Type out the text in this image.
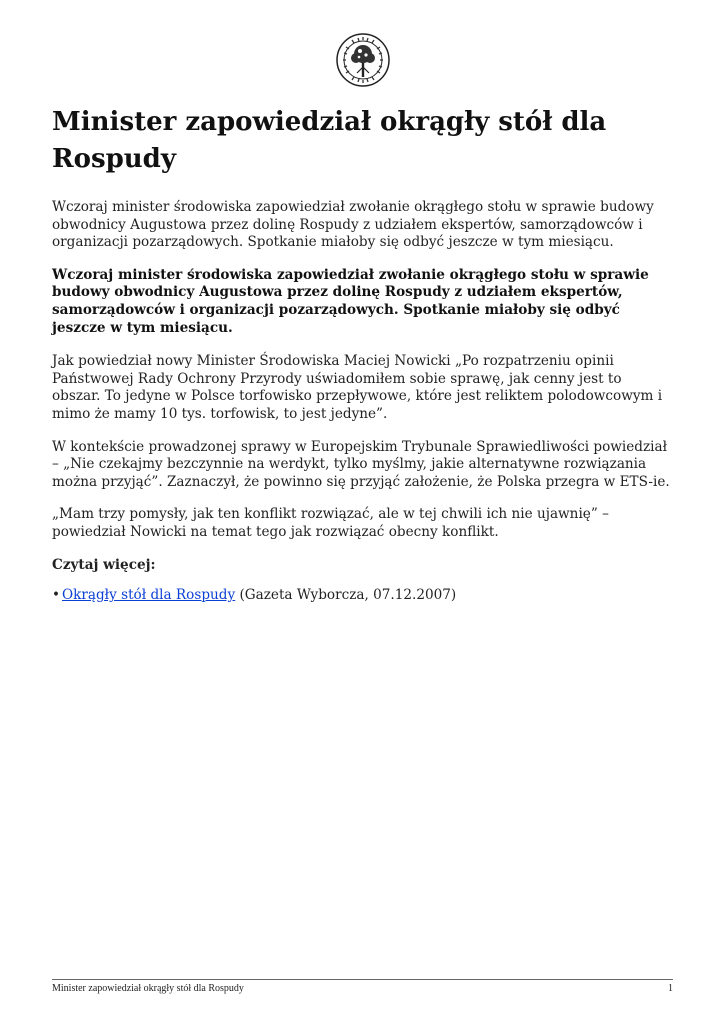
Minister zapowiedział okrągły stół dla Rospudy

Wczoraj minister środowiska zapowiedział zwołanie okrągłego stołu w sprawie budowy obwodnicy Augustowa przez dolinę Rospudy z udziałem ekspertów, samorządowców i organizacji pozarządowych. Spotkanie miałoby się odbyć jeszcze w tym miesiącu.

Wczoraj minister środowiska zapowiedział zwołanie okrągłego stołu w sprawie budowy obwodnicy Augustowa przez dolinę Rospudy z udziałem ekspertów, samorządowców i organizacji pozarządowych. Spotkanie miałoby się odbyć jeszcze w tym miesiącu.

Jak powiedział nowy Minister Środowiska Maciej Nowicki „Po rozpatrzeniu opinii Państwowej Rady Ochrony Przyrody uświadomiłem sobie sprawę, jak cenny jest to obszar. To jedyne w Polsce torfowisko przepływowe, które jest reliktem polodowcowym i mimo że mamy 10 tys. torfowisk, to jest jedyne”.

W kontekście prowadzonej sprawy w Europejskim Trybunale Sprawiedliwości powiedział – „Nie czekajmy bezczynnie na werdykt, tylko myślmy, jakie alternatywne rozwiązania można przyjąć”. Zaznaczył, że powinno się przyjąć założenie, że Polska przegra w ETS-ie.

„Mam trzy pomysły, jak ten konflikt rozwiązać, ale w tej chwili ich nie ujawnię” – powiedział Nowicki na temat tego jak rozwiązać obecny konflikt.

Czytaj więcej:

• Okrągły stół dla Rospudy (Gazeta Wyborcza, 07.12.2007)
Minister zapowiedział okrągły stół dla Rospudy	1
